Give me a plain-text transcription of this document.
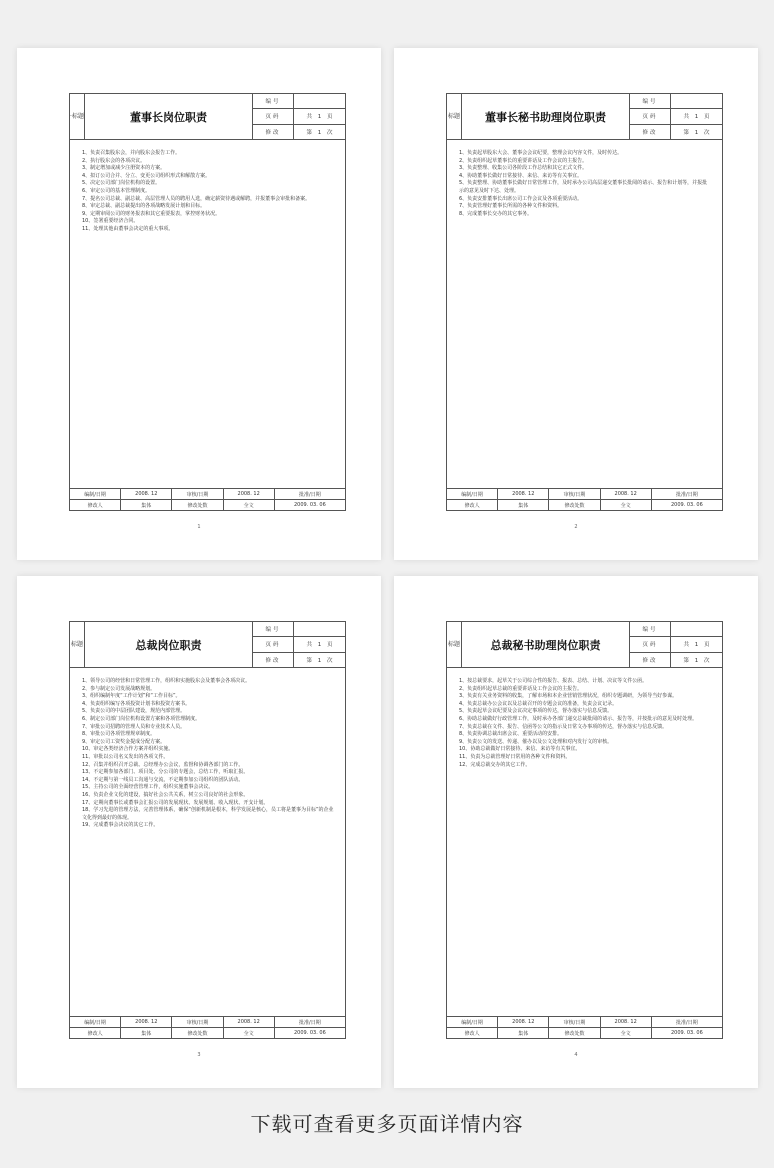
· 标 题	董事长岗位职责
编号
页码	共 1 页
修改	第 1 次
1、负责召集股东会，并向股东会报告工作。
2、执行股东会的各项决议。
3、制定增加或减少注册资本的方案。
4、拟订公司合并、分立、变更公司组织形式和解散方案。
5、决定公司部门岗位机构的设置。
6、审定公司的基本管理制度。
7、提名公司总裁、副总裁、高层管理人员的聘用人选，确定薪资待遇或解聘，并报董事会审批和备案。
8、审定总裁、副总裁提出的各项战略发展计划和目标。
9、定期审阅公司的财务报表和其它重要报表，掌控财务状况。
10、签署重要经济合同。
11、处理其他由董事会决定的重大事项。
编制/日期	2008. 12	审核/日期	2008. 12	批准/日期
修改人	集体	修改处数	全文	2009. 03. 06
1
标 题	董事长秘书助理岗位职责
编号
页码	共 1 页
修改	第 1 次
1、负责起草股东大会、董事会会议纪要，整理会议内容文件，及时传达。
2、负责组织起草董事长的重要讲话及工作会议的主报告。
3、负责整理、收集公司各阶段工作总结和其它正式文件。
4、协助董事长做好日常接待、来信、来访等有关事宜。
5、负责整理、协助董事长做好日常管理工作，及时承办公司高层递交董事长批阅的请示、报告和计划等，并报批示的意见及时下达、处理。
6、负责安排董事长出席公司工作会议及各项重要活动。
7、负责管理好董事长所需的各种文件和资料。
8、完成董事长交办的其它事务。
编制/日期	2008. 12	审核/日期	2008. 12	批准/日期
修改人	集体	修改处数	全文	2009. 03. 06
2
标 题	总裁岗位职责
编号
页码	共 1 页
修改	第 1 次
1、领导公司的经营和日常管理工作，组织和实施股东会及董事会各项决议。
2、参与制定公司发展战略规划。
3、组织编制年度“工作计划”和“工作目标”。
4、负责组织编写各项投资计划书和投资方案书。
5、负责公司的中层团队建设，规范内部管理。
6、制定公司部门岗位机构设置方案和各项管理制度。
7、审批公司招聘的管理人员和专业技术人员。
8、审批公司各项管理规章制度。
9、审定公司工资奖金提成分配方案。
10、审定各类经济合作方案并组织实施。
11、审批以公司名义发出的各项文件。
12、召集并组织召开总裁、总经理办公会议，监督和协调各部门的工作。
13、不定期参加各部门、项目处、分公司的专题会，总结工作，听取汇报。
14、不定期与第一线员工沟通与交流，不定期参加公司组织的团队活动。
15、主持公司的全面经营管理工作，组织实施董事会决议。
16、负责企业文化的建设，搞好社会公共关系，树立公司良好的社会形象。
17、定期向董事长或董事会汇报公司的发展现状、发展规划、收入现状、开支计划。
18、学习先进的管理方法，完善管理体系，确保“创新机制是根本，科学发展是核心，员工将是董事为目标”的企业文化得到最好的体现。
19、完成董事会决议的其它工作。
编制/日期	2008. 12	审核/日期	2008. 12	批准/日期
修改人	集体	修改处数	全文	2009. 03. 06
3
标 题	总裁秘书助理岗位职责
编号
页码	共 1 页
修改	第 1 次
1、按总裁要求，起草关于公司综合性的报告、报表、总结、计划、决议等文件公函。
2、负责组织起草总裁的重要讲话及工作会议的主报告。
3、负责有关业务资料的收集，了解市场和本企业营销管理状况，组织专题调研，为领导当好参谋。
4、负责总裁办公会议以及总裁召开的专题会议的准备，负责会议记录。
5、负责起草会议纪要及会议决定事项的传达，督办落实与信息反馈。
6、协助总裁做好行政管理工作，及时承办各部门递交总裁批阅的请示、报告等，并按批示的意见及时处理。
7、负责总裁在文件、报告、信函等公文的指示及日常文办事项的传达，督办落实与信息反馈。
8、负责协调总裁出席会议、重要活动的安排。
9、负责公文的发送、传递、催办以及公文处理和对内发行文的审核。
10、协助总裁做好日常接待、来信、来访等有关事宜。
11、负责为总裁管理好日常用的各种文件和资料。
12、完成总裁交办的其它工作。
编制/日期	2008. 12	审核/日期	2008. 12	批准/日期
修改人	集体	修改处数	全文	2009. 03. 06
4
下载可查看更多页面详情内容
